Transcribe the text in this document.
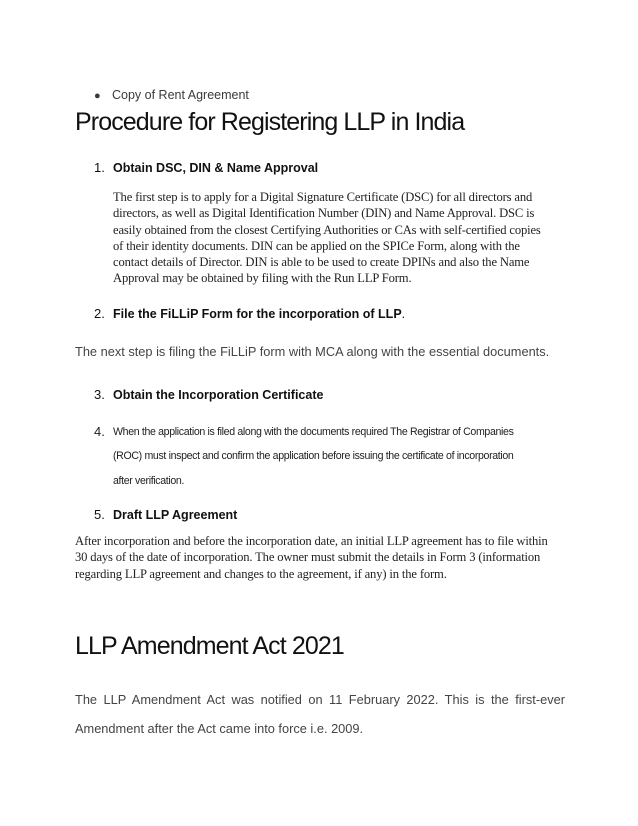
● Copy of Rent Agreement
Procedure for Registering LLP in India
1. Obtain DSC, DIN & Name Approval
The first step is to apply for a Digital Signature Certificate (DSC) for all directors and
directors, as well as Digital Identification Number (DIN) and Name Approval. DSC is
easily obtained from the closest Certifying Authorities or CAs with self-certified copies
of their identity documents. DIN can be applied on the SPICe Form, along with the
contact details of Director. DIN is able to be used to create DPINs and also the Name
Approval may be obtained by filing with the Run LLP Form.
2. File the FiLLiP Form for the incorporation of LLP.

The next step is filing the FiLLiP form with MCA along with the essential documents.

3. Obtain the Incorporation Certificate
4. When the application is filed along with the documents required The Registrar of Companies
(ROC) must inspect and confirm the application before issuing the certificate of incorporation
after verification.
5. Draft LLP Agreement
After incorporation and before the incorporation date, an initial LLP agreement has to file within
30 days of the date of incorporation. The owner must submit the details in Form 3 (information
regarding LLP agreement and changes to the agreement, if any) in the form.
LLP Amendment Act 2021
The LLP Amendment Act was notified on 11 February 2022. This is the first-ever
Amendment after the Act came into force i.e. 2009.
